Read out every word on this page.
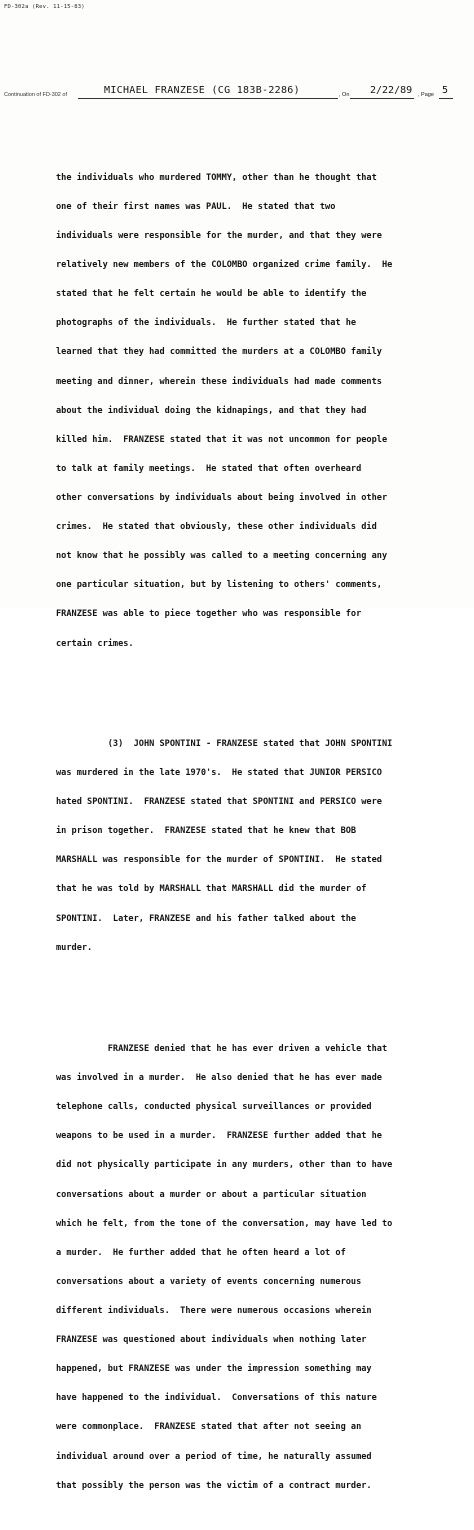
FD-302a (Rev. 11-15-83)
Continuation of FD-302 of	MICHAEL FRANZESE (CG 183B-2286)	, On 2/22/89 , Page 5

the individuals who murdered TOMMY, other than he thought that

one of their first names was PAUL.  He stated that two

individuals were responsible for the murder, and that they were

relatively new members of the COLOMBO organized crime family.  He

stated that he felt certain he would be able to identify the

photographs of the individuals.  He further stated that he

learned that they had committed the murders at a COLOMBO family

meeting and dinner, wherein these individuals had made comments

about the individual doing the kidnapings, and that they had

killed him.  FRANZESE stated that it was not uncommon for people

to talk at family meetings.  He stated that often overheard

other conversations by individuals about being involved in other

crimes.  He stated that obviously, these other individuals did

not know that he possibly was called to a meeting concerning any

one particular situation, but by listening to others' comments,

FRANZESE was able to piece together who was responsible for

certain crimes.

(3)  JOHN SPONTINI - FRANZESE stated that JOHN SPONTINI

was murdered in the late 1970's.  He stated that JUNIOR PERSICO

hated SPONTINI.  FRANZESE stated that SPONTINI and PERSICO were

in prison together.  FRANZESE stated that he knew that BOB

MARSHALL was responsible for the murder of SPONTINI.  He stated

that he was told by MARSHALL that MARSHALL did the murder of

SPONTINI.  Later, FRANZESE and his father talked about the

murder.

FRANZESE denied that he has ever driven a vehicle that

was involved in a murder.  He also denied that he has ever made

telephone calls, conducted physical surveillances or provided

weapons to be used in a murder.  FRANZESE further added that he

did not physically participate in any murders, other than to have

conversations about a murder or about a particular situation

which he felt, from the tone of the conversation, may have led to

a murder.  He further added that he often heard a lot of

conversations about a variety of events concerning numerous

different individuals.  There were numerous occasions wherein

FRANZESE was questioned about individuals when nothing later

happened, but FRANZESE was under the impression something may

have happened to the individual.  Conversations of this nature

were commonplace.  FRANZESE stated that after not seeing an

individual around over a period of time, he naturally assumed

that possibly the person was the victim of a contract murder.
